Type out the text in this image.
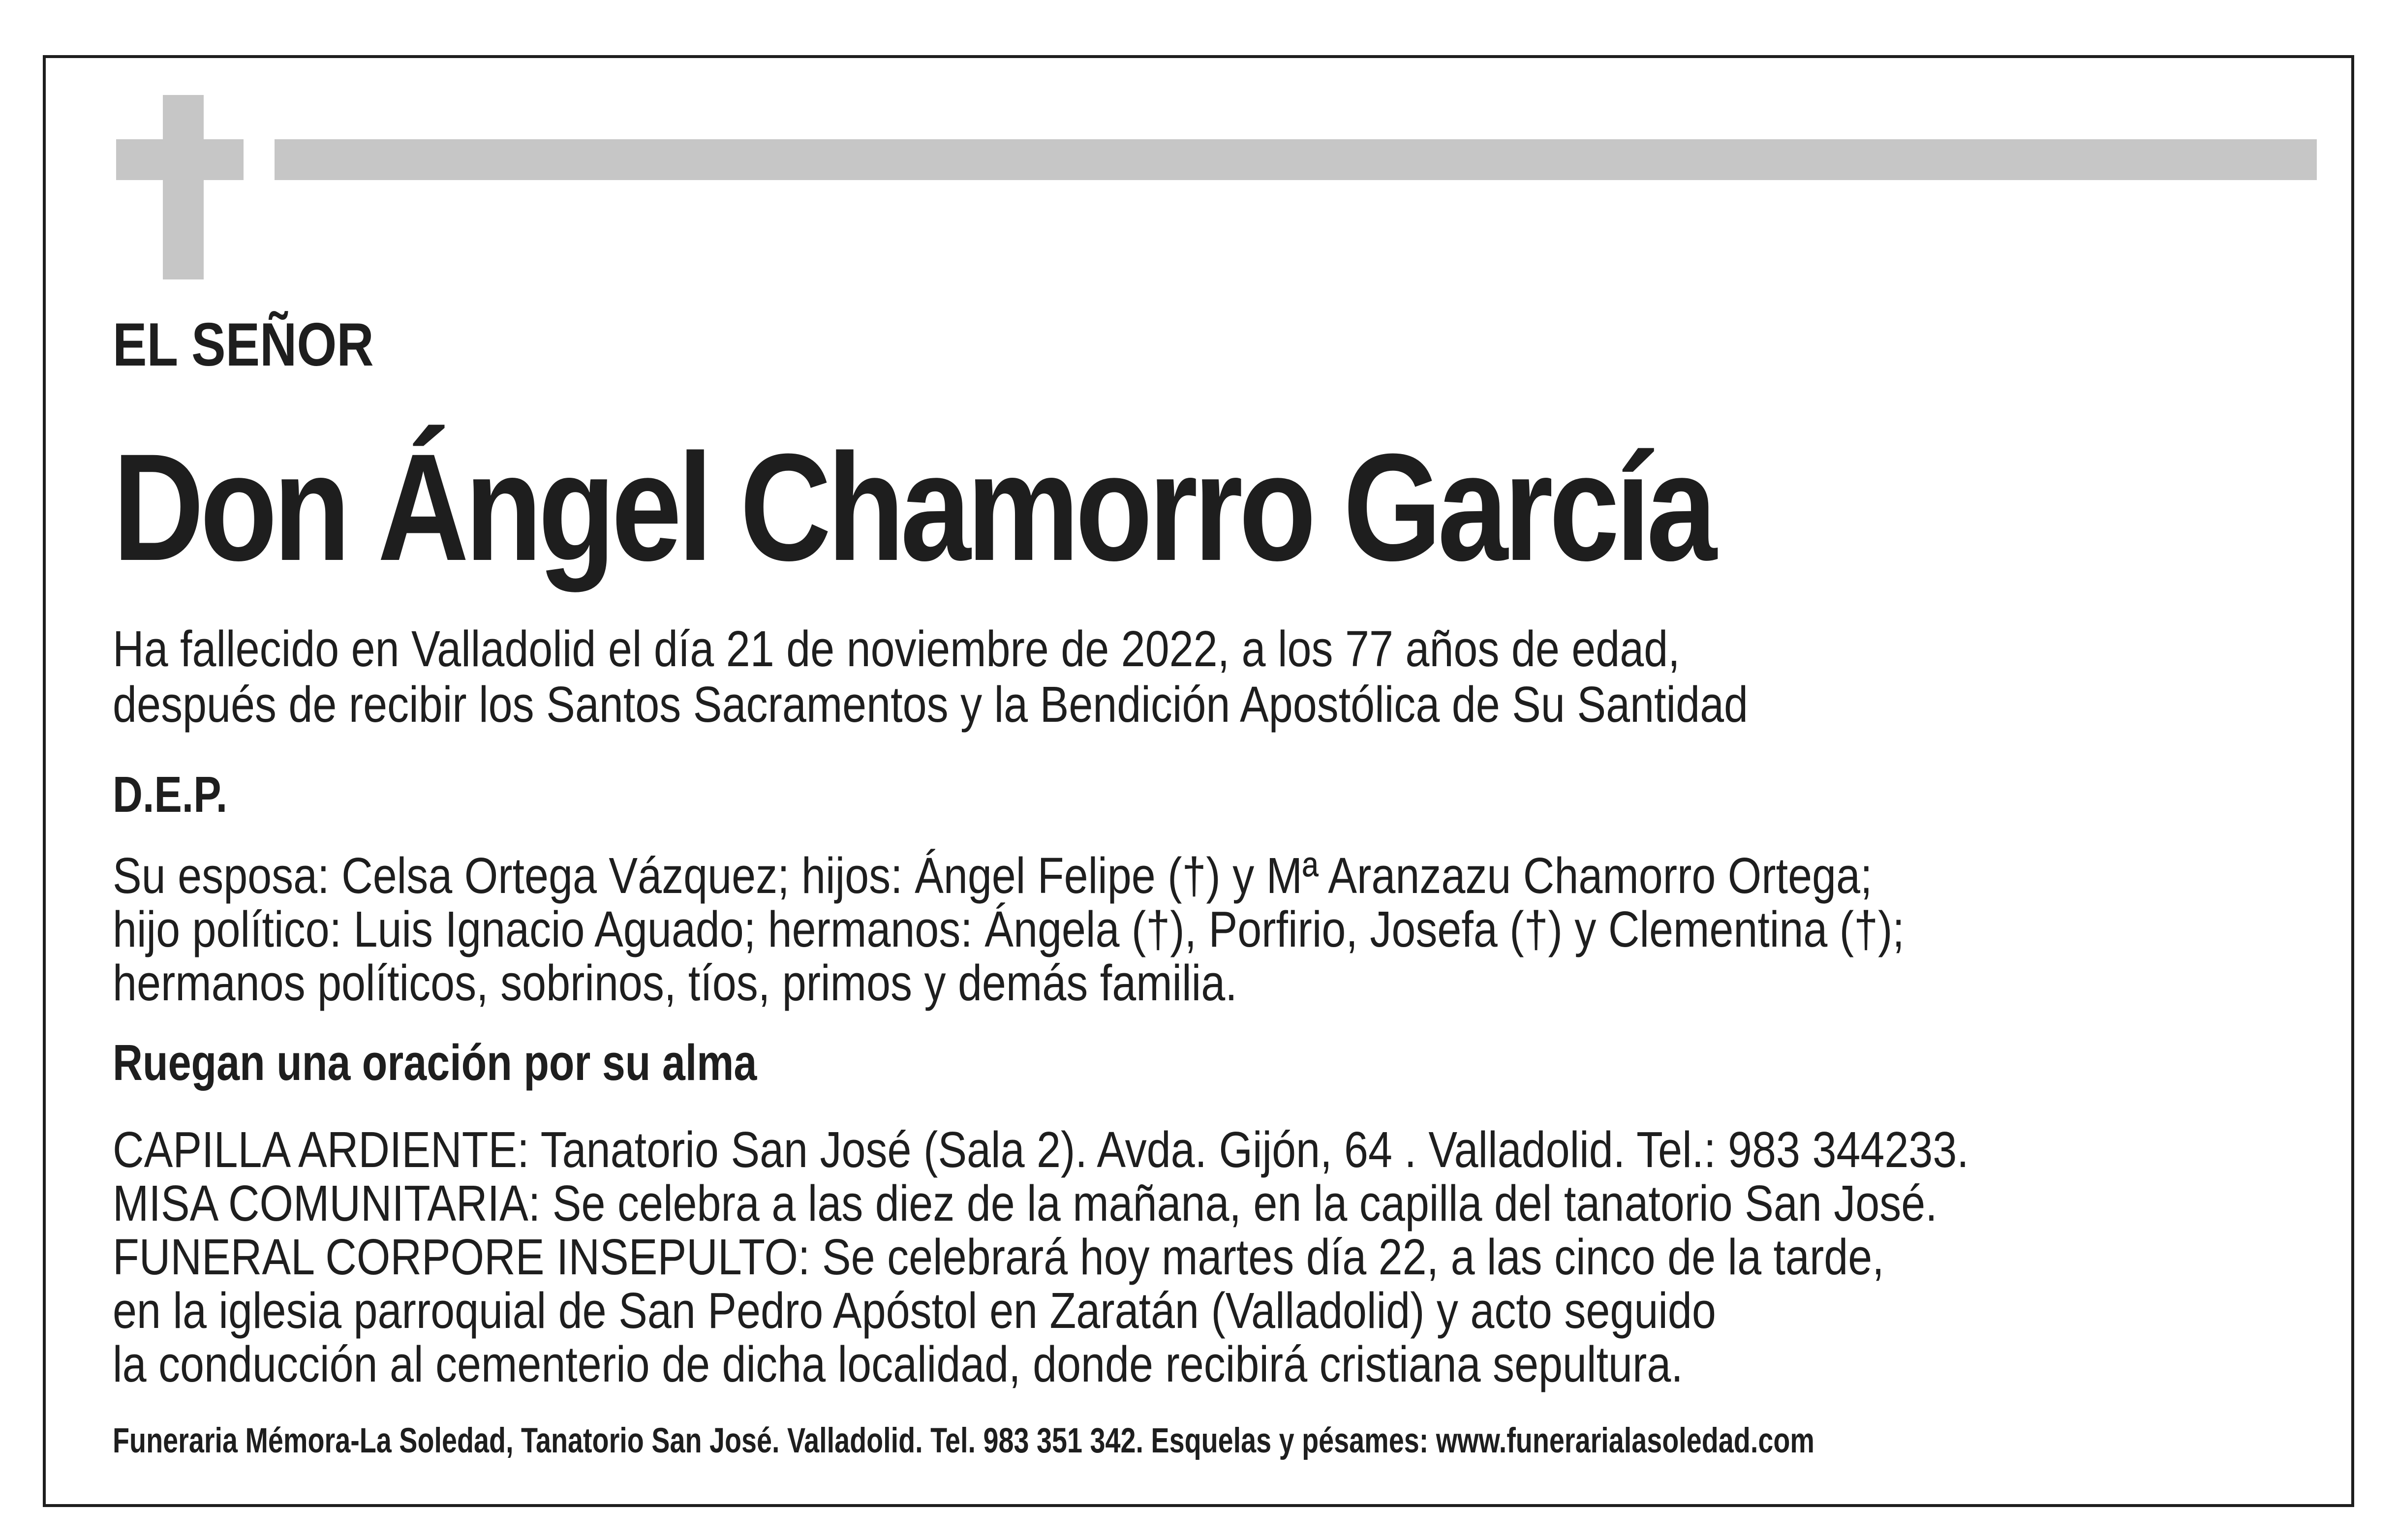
EL SEÑOR

Don Ángel Chamorro García

Ha fallecido en Valladolid el día 21 de noviembre de 2022, a los 77 años de edad,

después de recibir los Santos Sacramentos y la Bendición Apostólica de Su Santidad

D.E.P.

Su esposa: Celsa Ortega Vázquez; hijos: Ángel Felipe (†) y Mª Aranzazu Chamorro Ortega;

hijo político: Luis Ignacio Aguado; hermanos: Ángela (†), Porfirio, Josefa (†) y Clementina (†);

hermanos políticos, sobrinos, tíos, primos y demás familia.

Ruegan una oración por su alma

CAPILLA ARDIENTE: Tanatorio San José (Sala 2). Avda. Gijón, 64 . Valladolid. Tel.: 983 344233.

MISA COMUNITARIA: Se celebra a las diez de la mañana, en la capilla del tanatorio San José.

FUNERAL CORPORE INSEPULTO: Se celebrará hoy martes día 22, a las cinco de la tarde,

en la iglesia parroquial de San Pedro Apóstol en Zaratán (Valladolid) y acto seguido

la conducción al cementerio de dicha localidad, donde recibirá cristiana sepultura.

Funeraria Mémora-La Soledad, Tanatorio San José. Valladolid. Tel. 983 351 342. Esquelas y pésames: www.funerarialasoledad.com
